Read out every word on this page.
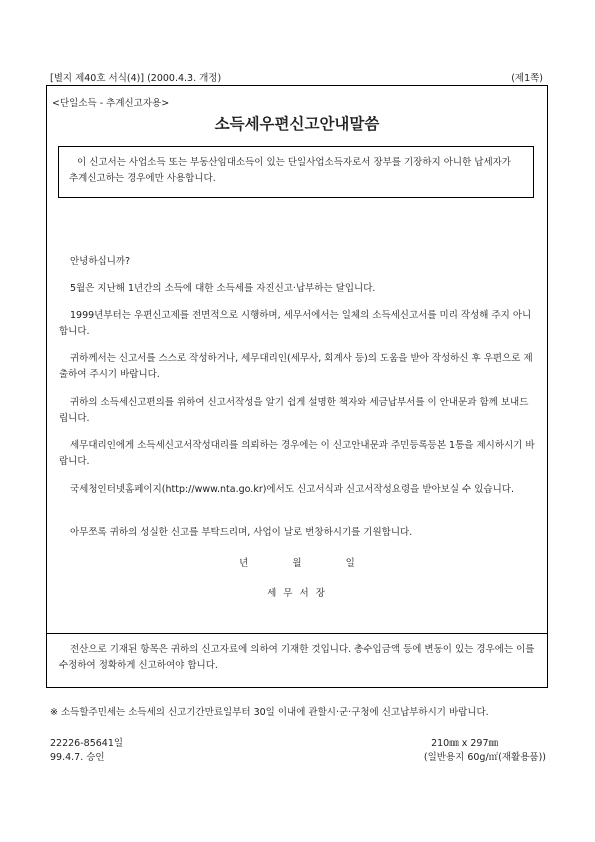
[별지 제40호 서식(4)] (2000.4.3. 개정)	(제1쪽)
<단일소득 - 추계신고자용>
소득세우편신고안내말씀
이 신고서는 사업소득 또는 부동산임대소득이 있는 단일사업소득자로서 장부를 기장하지 아니한 납세자가 추계신고하는 경우에만 사용합니다.
안녕하십니까?
5월은 지난해 1년간의 소득에 대한 소득세를 자진신고·납부하는 달입니다.
1999년부터는 우편신고제를 전면적으로 시행하며, 세무서에서는 일체의 소득세신고서를 미리 작성해 주지 아니합니다.
귀하께서는 신고서를 스스로 작성하거나, 세무대리인(세무사, 회계사 등)의 도움을 받아 작성하신 후 우편으로 제출하여 주시기 바랍니다.
귀하의 소득세신고편의를 위하여 신고서작성을 알기 쉽게 설명한 책자와 세금납부서를 이 안내문과 함께 보내드립니다.
세무대리인에게 소득세신고서작성대리를 의뢰하는 경우에는 이 신고안내문과 주민등록등본 1통을 제시하시기 바랍니다.
국세청인터넷홈페이지(http://www.nta.go.kr)에서도 신고서식과 신고서작성요령을 받아보실 수 있습니다.
아무쪼록 귀하의 성실한 신고를 부탁드리며, 사업이 날로 번창하시기를 기원합니다.
년	월	일
세 무 서 장
전산으로 기재된 항목은 귀하의 신고자료에 의하여 기재한 것입니다. 총수입금액 등에 변동이 있는 경우에는 이를 수정하여 정확하게 신고하여야 합니다.
※ 소득할주민세는 소득세의 신고기간만료일부터 30일 이내에 관할시·군·구청에 신고납부하시기 바랍니다.
22226-85641일	210㎜ x 297㎜
99.4.7. 승인	(일반용지 60g/㎡(재활용품))
